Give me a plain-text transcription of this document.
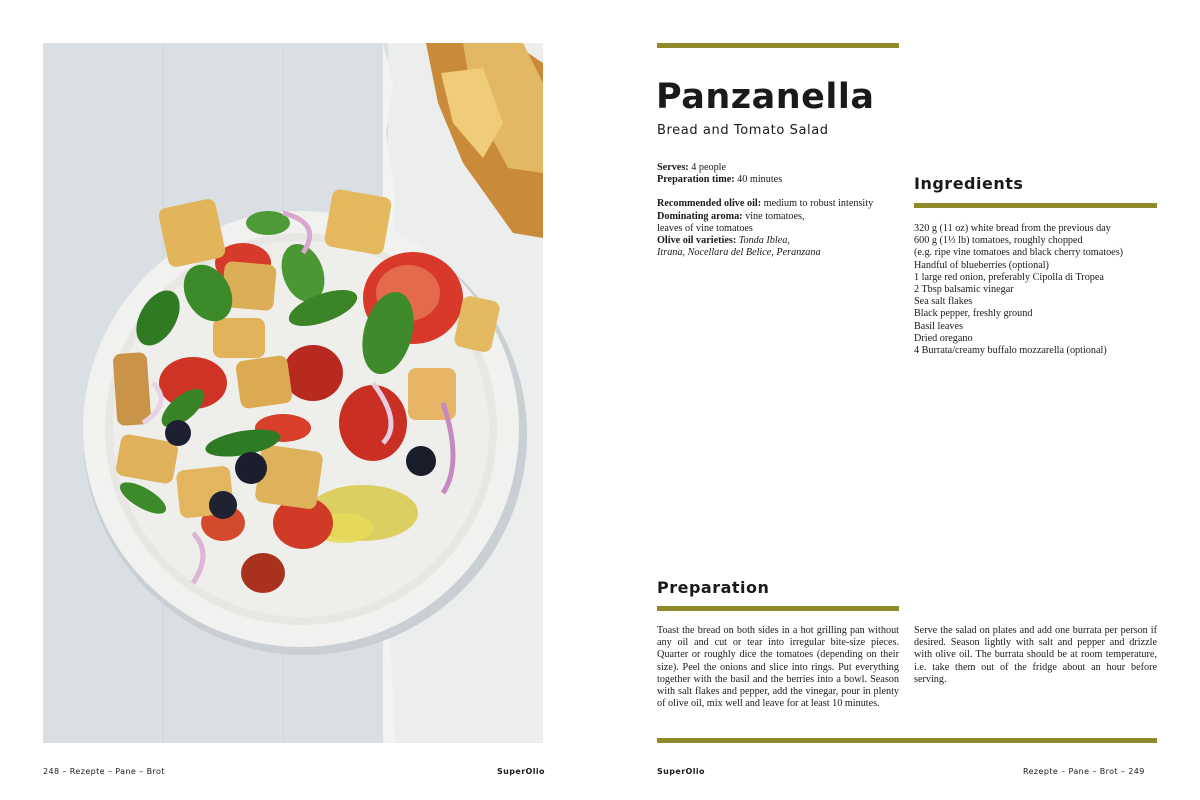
Panzanella

Bread and Tomato Salad

Serves: 4 people

Preparation time: 40 minutes

Recommended olive oil: medium to robust intensity

Dominating aroma: vine tomatoes,

leaves of vine tomatoes

Olive oil varieties: Tonda Iblea,

Itrana, Nocellara del Belice, Peranzana

Ingredients
320 g (11 oz) white bread from the previous day
600 g (1⅓ lb) tomatoes, roughly chopped
(e.g. ripe vine tomatoes and black cherry tomatoes)
Handful of blueberries (optional)
1 large red onion, preferably Cipolla di Tropea
2 Tbsp balsamic vinegar
Sea salt flakes
Black pepper, freshly ground
Basil leaves
Dried oregano
4 Burrata/creamy buffalo mozzarella (optional)
Preparation

Toast the bread on both sides in a hot grilling pan without any oil and cut or tear into irregular bite-size pieces. Quarter or roughly dice the tomatoes (depending on their size). Peel the onions and slice into rings. Put everything together with the basil and the berries into a bowl. Season with salt flakes and pepper, add the vinegar, pour in plenty of olive oil, mix well and leave for at least 10 minutes.

Serve the salad on plates and add one burrata per person if desired. Season lightly with salt and pepper and drizzle with olive oil. The burrata should be at room temperature, i.e. take them out of the fridge about an hour before serving.

248 – Rezepte – Pane – Brot	SuperOlio	SuperOlio	Rezepte – Pane – Brot – 249
